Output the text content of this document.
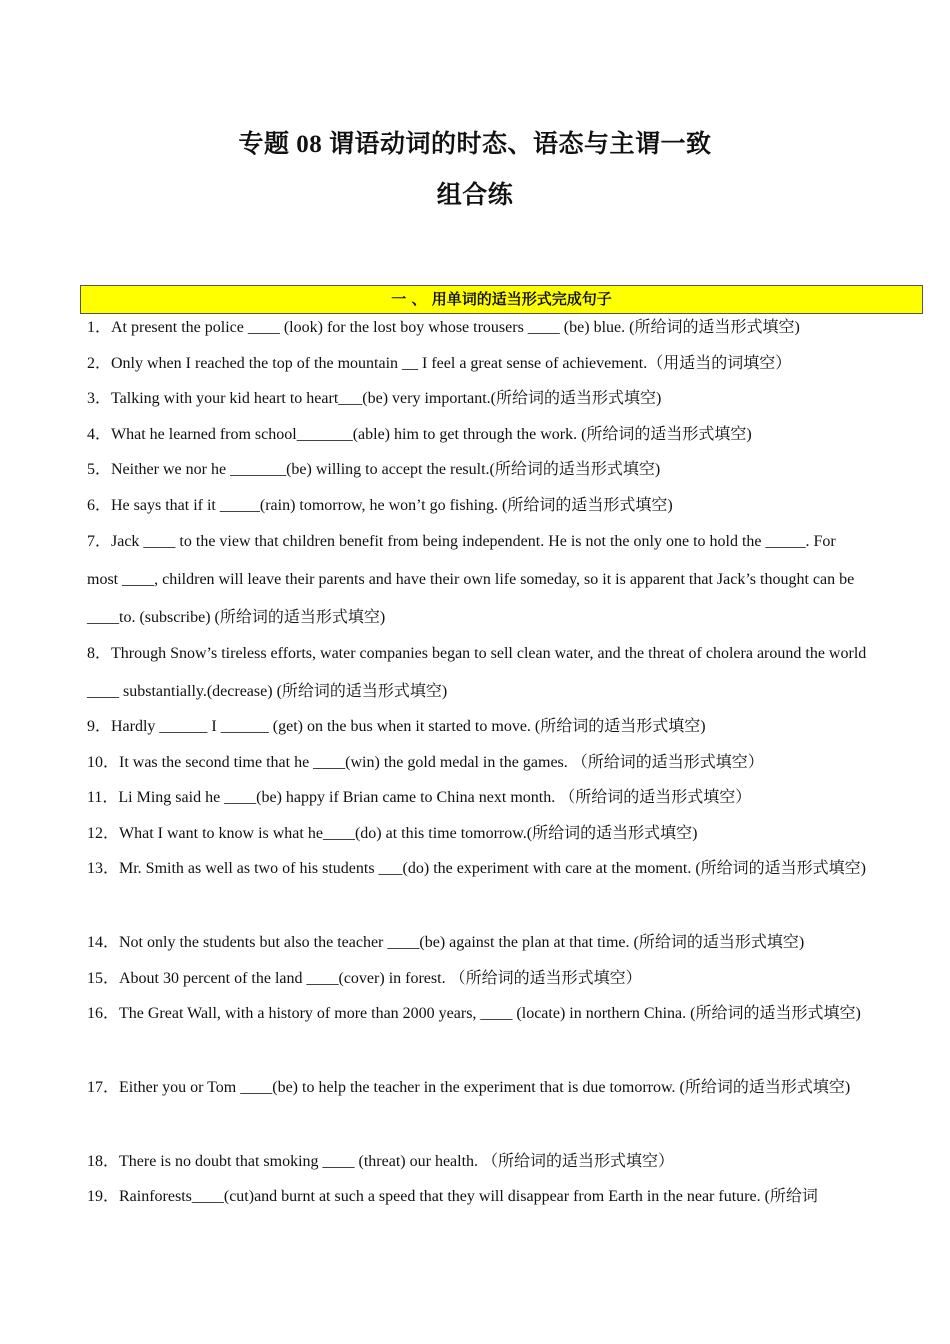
专题 08 谓语动词的时态、语态与主谓一致
组合练
一 、 用单词的适当形式完成句子
1．At present the police ____ (look) for the lost boy whose trousers ____ (be) blue. (所给词的适当形式填空)
2．Only when I reached the top of the mountain __ I feel a great sense of achievement.（用适当的词填空）
3．Talking with your kid heart to heart___(be) very important.(所给词的适当形式填空)
4．What he learned from school_______(able) him to get through the work. (所给词的适当形式填空)
5．Neither we nor he _______(be) willing to accept the result.(所给词的适当形式填空)
6．He says that if it _____(rain) tomorrow, he won’t go fishing. (所给词的适当形式填空)
7．Jack ____ to the view that children benefit from being independent. He is not the only one to hold the _____. For most ____, children will leave their parents and have their own life someday, so it is apparent that Jack’s thought can be ____to. (subscribe) (所给词的适当形式填空)
8．Through Snow’s tireless efforts, water companies began to sell clean water, and the threat of cholera around the world ____ substantially.(decrease) (所给词的适当形式填空)
9．Hardly ______ I ______ (get) on the bus when it started to move. (所给词的适当形式填空)
10．It was the second time that he ____(win) the gold medal in the games. （所给词的适当形式填空）
11．Li Ming said he ____(be) happy if Brian came to China next month. （所给词的适当形式填空）
12．What I want to know is what he____(do) at this time tomorrow.(所给词的适当形式填空)
13．Mr. Smith as well as two of his students ___(do) the experiment with care at the moment. (所给词的适当形式填空)
14．Not only the students but also the teacher ____(be) against the plan at that time. (所给词的适当形式填空)
15．About 30 percent of the land ____(cover) in forest. （所给词的适当形式填空）
16．The Great Wall, with a history of more than 2000 years, ____ (locate) in northern China. (所给词的适当形式填空)
17．Either you or Tom ____(be) to help the teacher in the experiment that is due tomorrow. (所给词的适当形式填空)
18．There is no doubt that smoking ____ (threat) our health. （所给词的适当形式填空）
19．Rainforests____(cut)and burnt at such a speed that they will disappear from Earth in the near future. (所给词
